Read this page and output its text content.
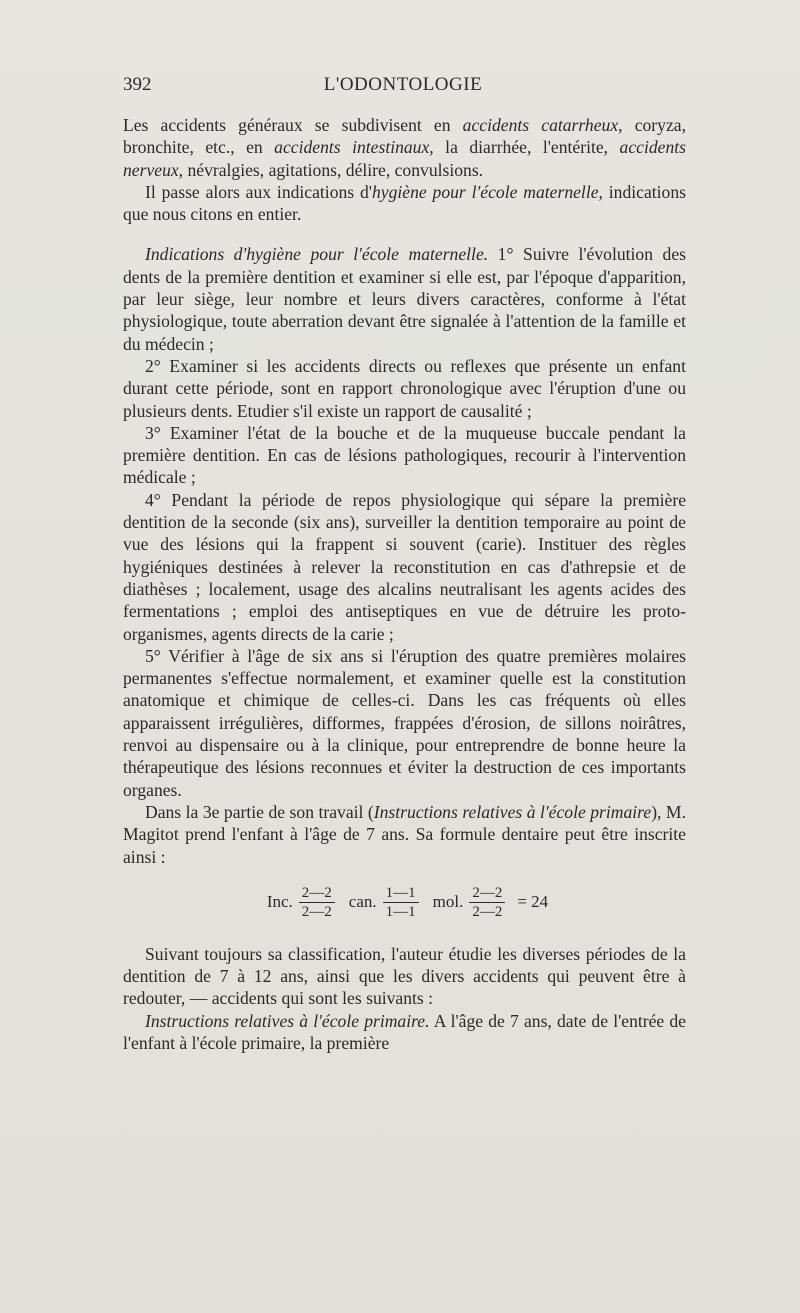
392	L'ODONTOLOGIE

Les accidents généraux se subdivisent en accidents catarrheux, coryza, bronchite, etc., en accidents intestinaux, la diarrhée, l'entérite, accidents nerveux, névralgies, agitations, délire, convulsions.

Il passe alors aux indications d'hygiène pour l'école maternelle, indications que nous citons en entier.

Indications d'hygiène pour l'école maternelle. 1° Suivre l'évolution des dents de la première dentition et examiner si elle est, par l'époque d'apparition, par leur siège, leur nombre et leurs divers caractères, conforme à l'état physiologique, toute aberration devant être signalée à l'attention de la famille et du médecin ;

2° Examiner si les accidents directs ou reflexes que présente un enfant durant cette période, sont en rapport chronologique avec l'éruption d'une ou plusieurs dents. Etudier s'il existe un rapport de causalité ;

3° Examiner l'état de la bouche et de la muqueuse buccale pendant la première dentition. En cas de lésions pathologiques, recourir à l'intervention médicale ;

4° Pendant la période de repos physiologique qui sépare la première dentition de la seconde (six ans), surveiller la dentition temporaire au point de vue des lésions qui la frappent si souvent (carie). Instituer des règles hygiéniques destinées à relever la reconstitution en cas d'athrepsie et de diathèses ; localement, usage des alcalins neutralisant les agents acides des fermentations ; emploi des antiseptiques en vue de détruire les proto-organismes, agents directs de la carie ;

5° Vérifier à l'âge de six ans si l'éruption des quatre premières molaires permanentes s'effectue normalement, et examiner quelle est la constitution anatomique et chimique de celles-ci. Dans les cas fréquents où elles apparaissent irrégulières, difformes, frappées d'érosion, de sillons noirâtres, renvoi au dispensaire ou à la clinique, pour entreprendre de bonne heure la thérapeutique des lésions reconnues et éviter la destruction de ces importants organes.

Dans la 3e partie de son travail (Instructions relatives à l'école primaire), M. Magitot prend l'enfant à l'âge de 7 ans. Sa formule dentaire peut être inscrite ainsi :

Inc. $\frac{2—2}{2—2}$ can. $\frac{1—1}{1—1}$ mol. $\frac{2—2}{2—2} = 24$

Suivant toujours sa classification, l'auteur étudie les diverses périodes de la dentition de 7 à 12 ans, ainsi que les divers accidents qui peuvent être à redouter, — accidents qui sont les suivants :

Instructions relatives à l'école primaire. A l'âge de 7 ans, date de l'entrée de l'enfant à l'école primaire, la première
